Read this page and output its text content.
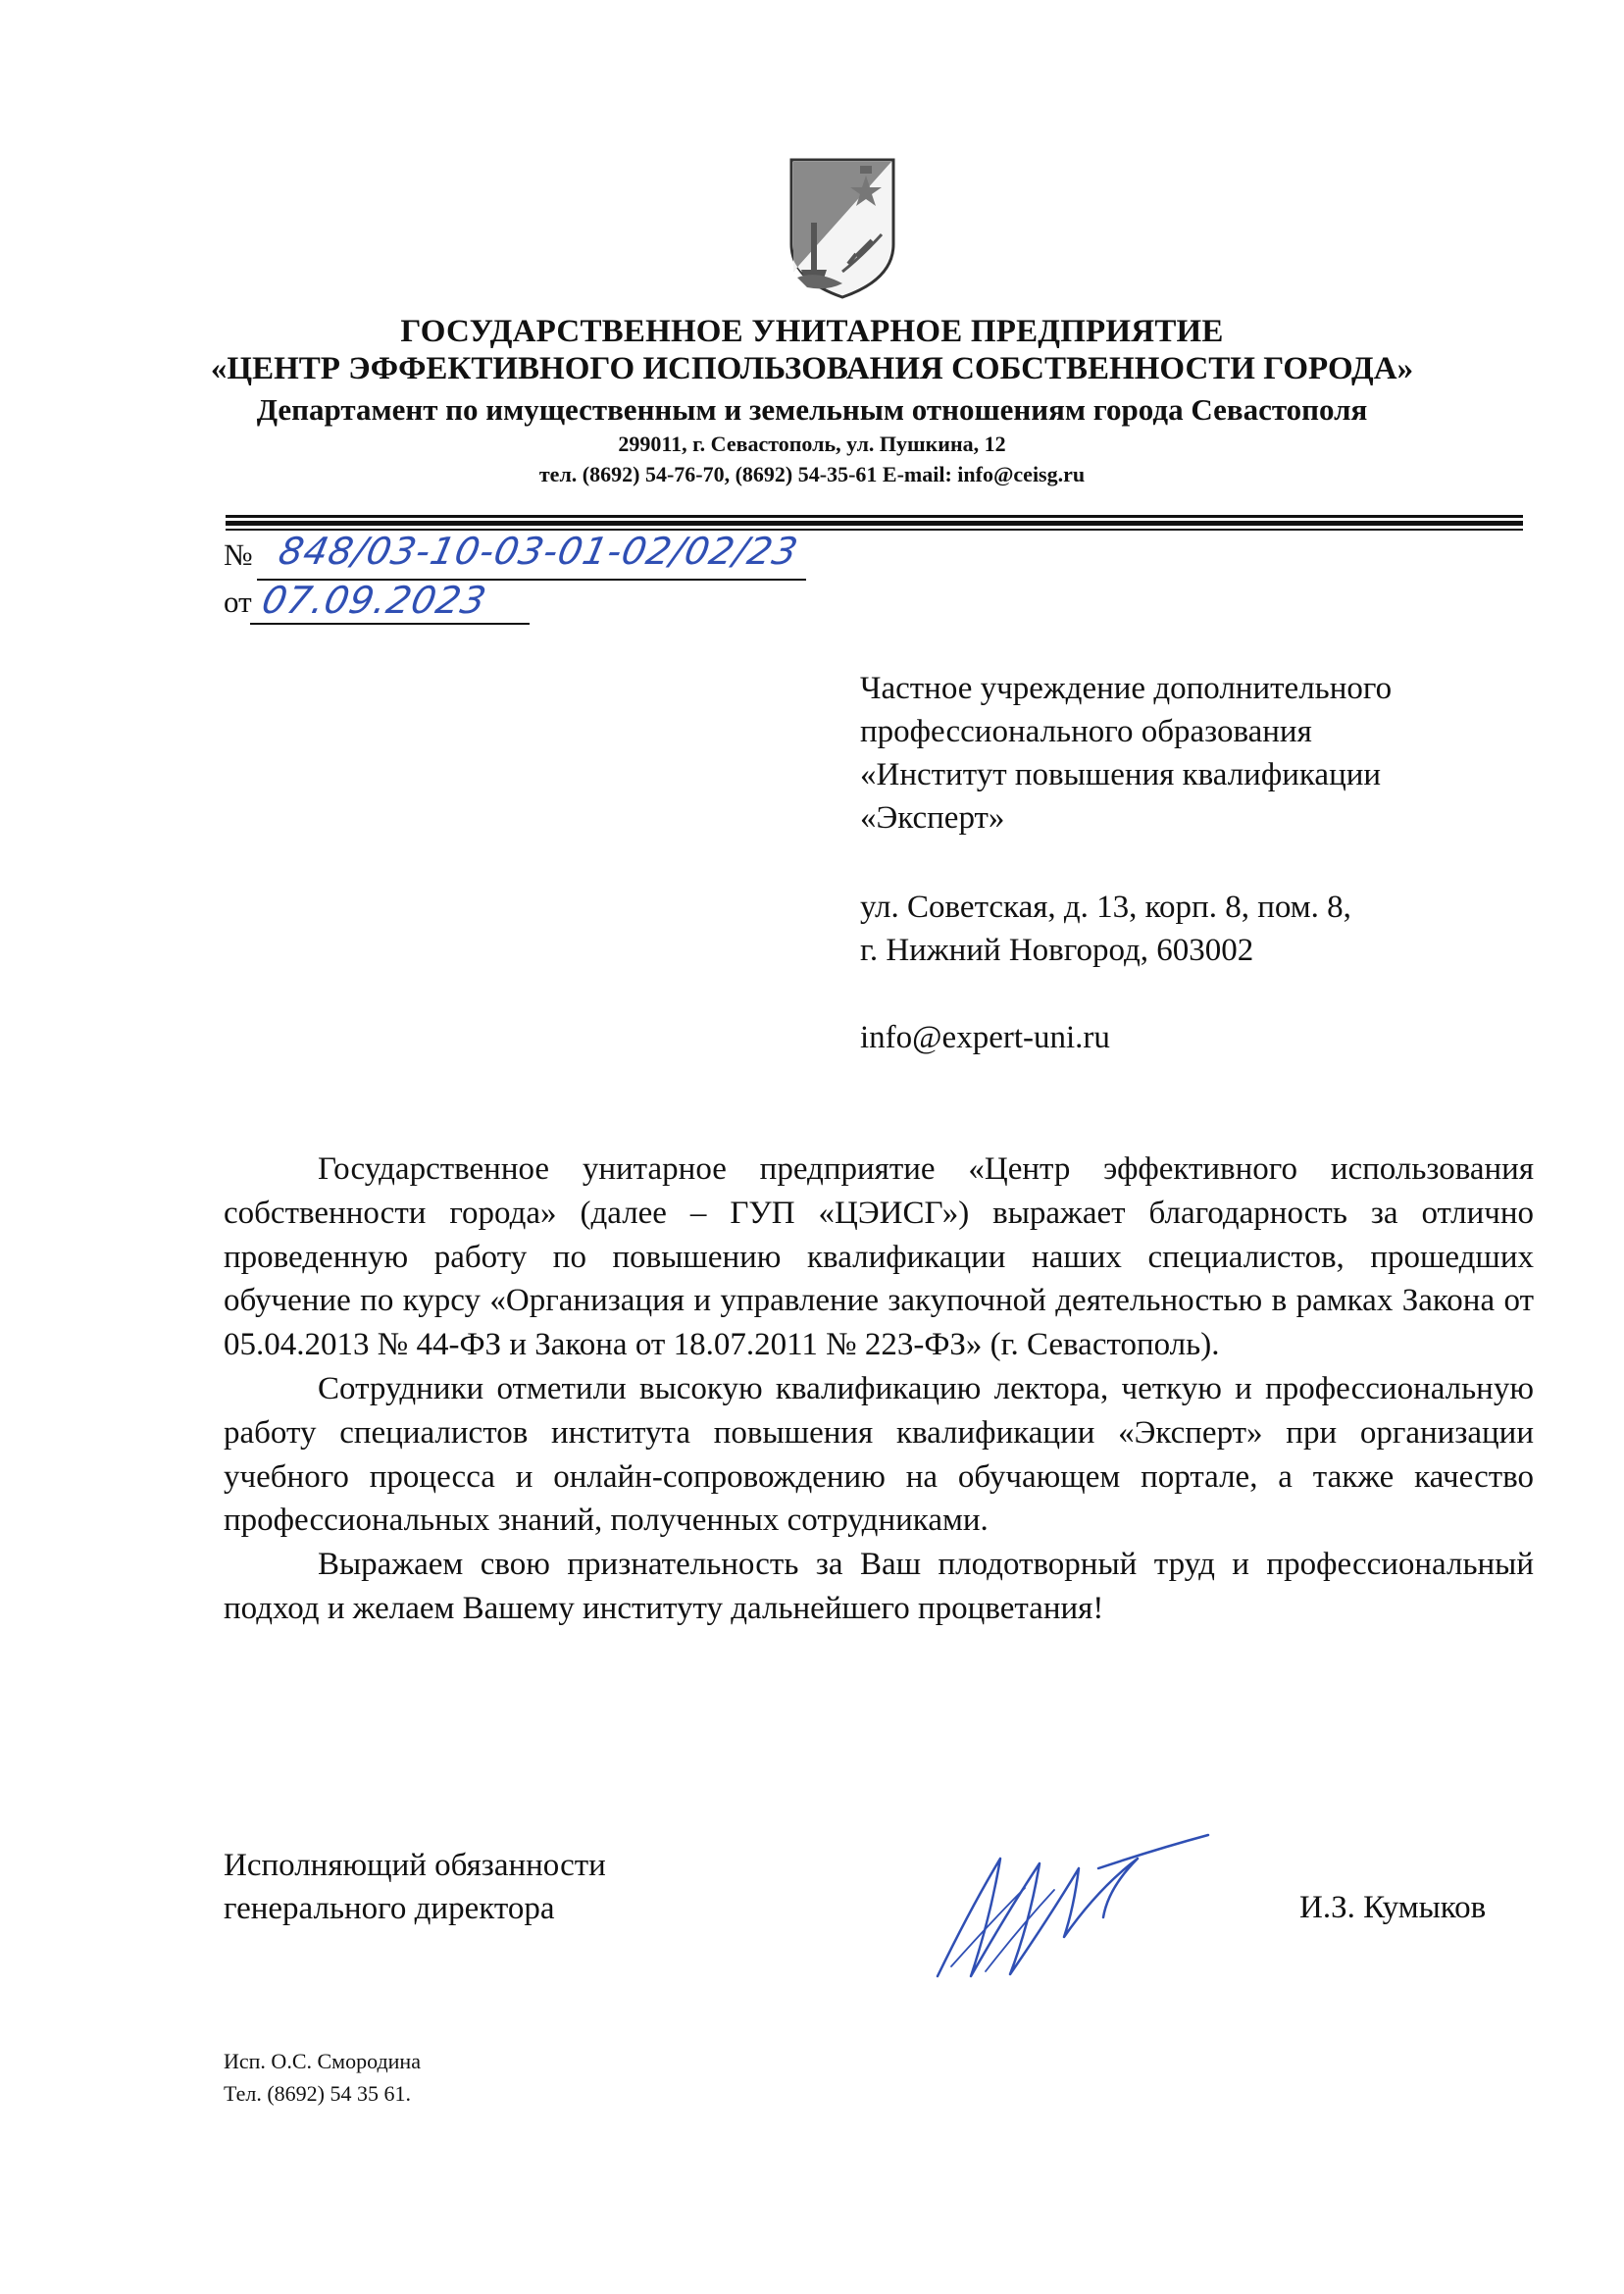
ГОСУДАРСТВЕННОЕ УНИТАРНОЕ ПРЕДПРИЯТИЕ
«ЦЕНТР ЭФФЕКТИВНОГО ИСПОЛЬЗОВАНИЯ СОБСТВЕННОСТИ ГОРОДА»
Департамент по имущественным и земельным отношениям города Севастополя
299011, г. Севастополь, ул. Пушкина, 12
тел. (8692) 54-76-70, (8692) 54-35-61 E-mail: info@ceisg.ru
№ 848/03-10-03-01-02/02/23
от 07.09.2023
Частное учреждение дополнительного
профессионального образования
«Институт повышения квалификации
«Эксперт»
ул. Советская, д. 13, корп. 8, пом. 8,
г. Нижний Новгород, 603002
info@expert-uni.ru

Государственное унитарное предприятие «Центр эффективного использования собственности города» (далее – ГУП «ЦЭИСГ») выражает благодарность за отлично проведенную работу по повышению квалификации наших специалистов, прошедших обучение по курсу «Организация и управление закупочной деятельностью в рамках Закона от 05.04.2013 № 44-ФЗ и Закона от 18.07.2011 № 223-ФЗ» (г. Севастополь).

Сотрудники отметили высокую квалификацию лектора, четкую и профессиональную работу специалистов института повышения квалификации «Эксперт» при организации учебного процесса и онлайн-сопровождению на обучающем портале, а также качество профессиональных знаний, полученных сотрудниками.

Выражаем свою признательность за Ваш плодотворный труд и профессиональный подход и желаем Вашему институту дальнейшего процветания!

Исполняющий обязанности
генерального директора	И.З. Кумыков
Исп. О.С. Смородина
Тел. (8692) 54 35 61.
